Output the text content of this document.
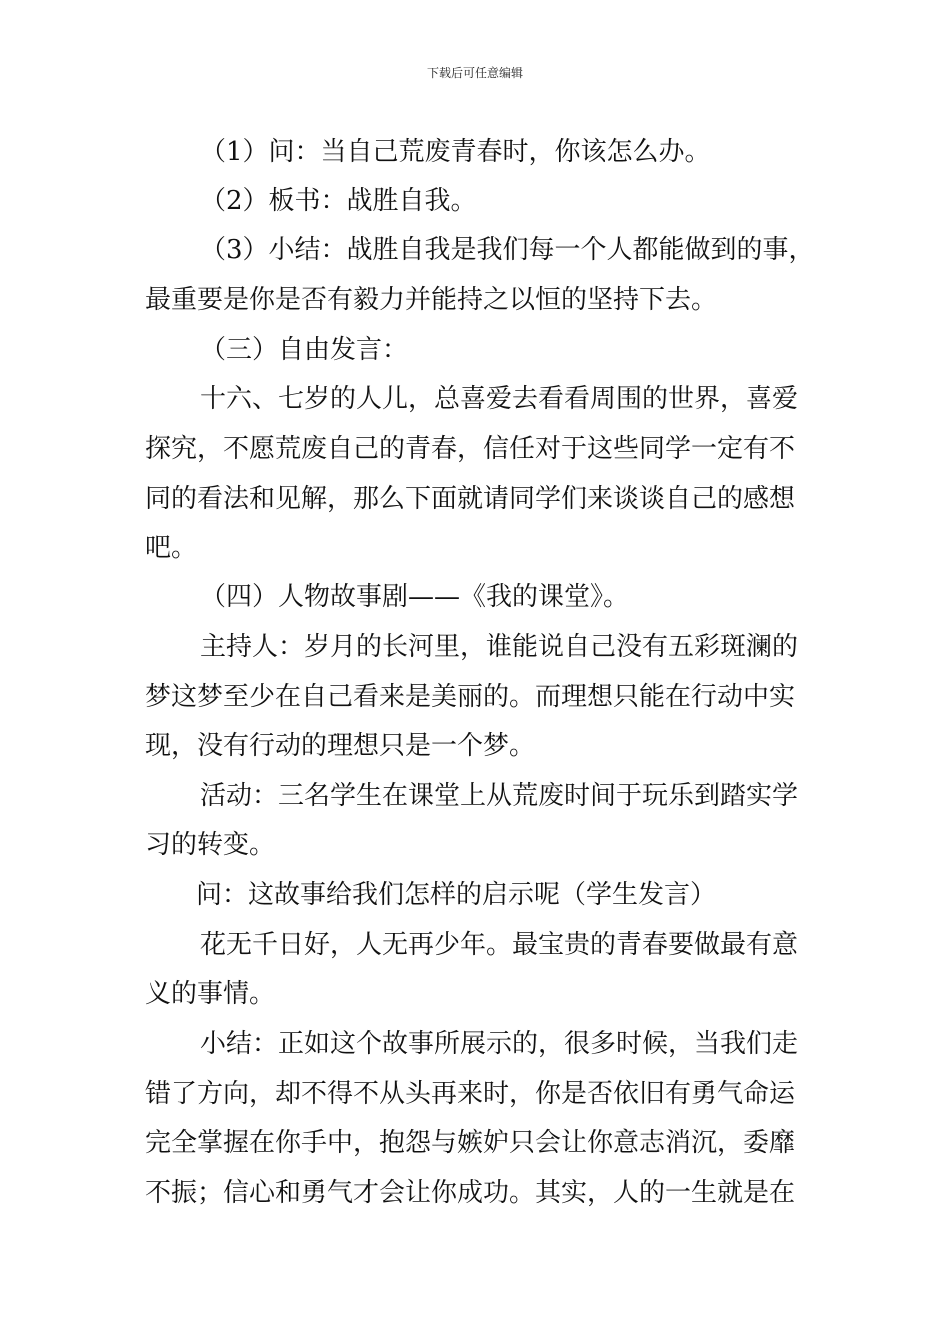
下载后可任意编辑
（1）问：当自己荒废青春时，你该怎么办。
（2）板书：战胜自我。
（3）小结：战胜自我是我们每一个人都能做到的事，
最重要是你是否有毅力并能持之以恒的坚持下去。
（三）自由发言：
十六、七岁的人儿，总喜爱去看看周围的世界，喜爱
探究，不愿荒废自己的青春，信任对于这些同学一定有不
同的看法和见解，那么下面就请同学们来谈谈自己的感想
吧。
（四）人物故事剧——《我的课堂》。
主持人：岁月的长河里，谁能说自己没有五彩斑澜的
梦这梦至少在自己看来是美丽的。而理想只能在行动中实
现，没有行动的理想只是一个梦。
活动：三名学生在课堂上从荒废时间于玩乐到踏实学
习的转变。
问：这故事给我们怎样的启示呢（学生发言）
花无千日好，人无再少年。最宝贵的青春要做最有意
义的事情。
小结：正如这个故事所展示的，很多时候，当我们走
错了方向，却不得不从头再来时，你是否依旧有勇气命运
完全掌握在你手中，抱怨与嫉妒只会让你意志消沉，委靡
不振；信心和勇气才会让你成功。其实，人的一生就是在
